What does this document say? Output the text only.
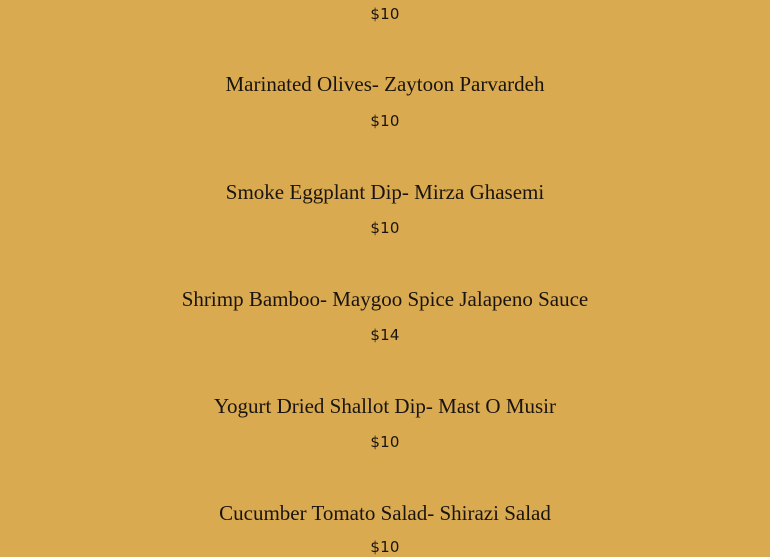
$10
Marinated Olives- Zaytoon Parvardeh
$10
Smoke Eggplant Dip- Mirza Ghasemi
$10
Shrimp Bamboo- Maygoo Spice Jalapeno Sauce
$14
Yogurt Dried Shallot Dip- Mast O Musir
$10
Cucumber Tomato Salad- Shirazi Salad
$10
